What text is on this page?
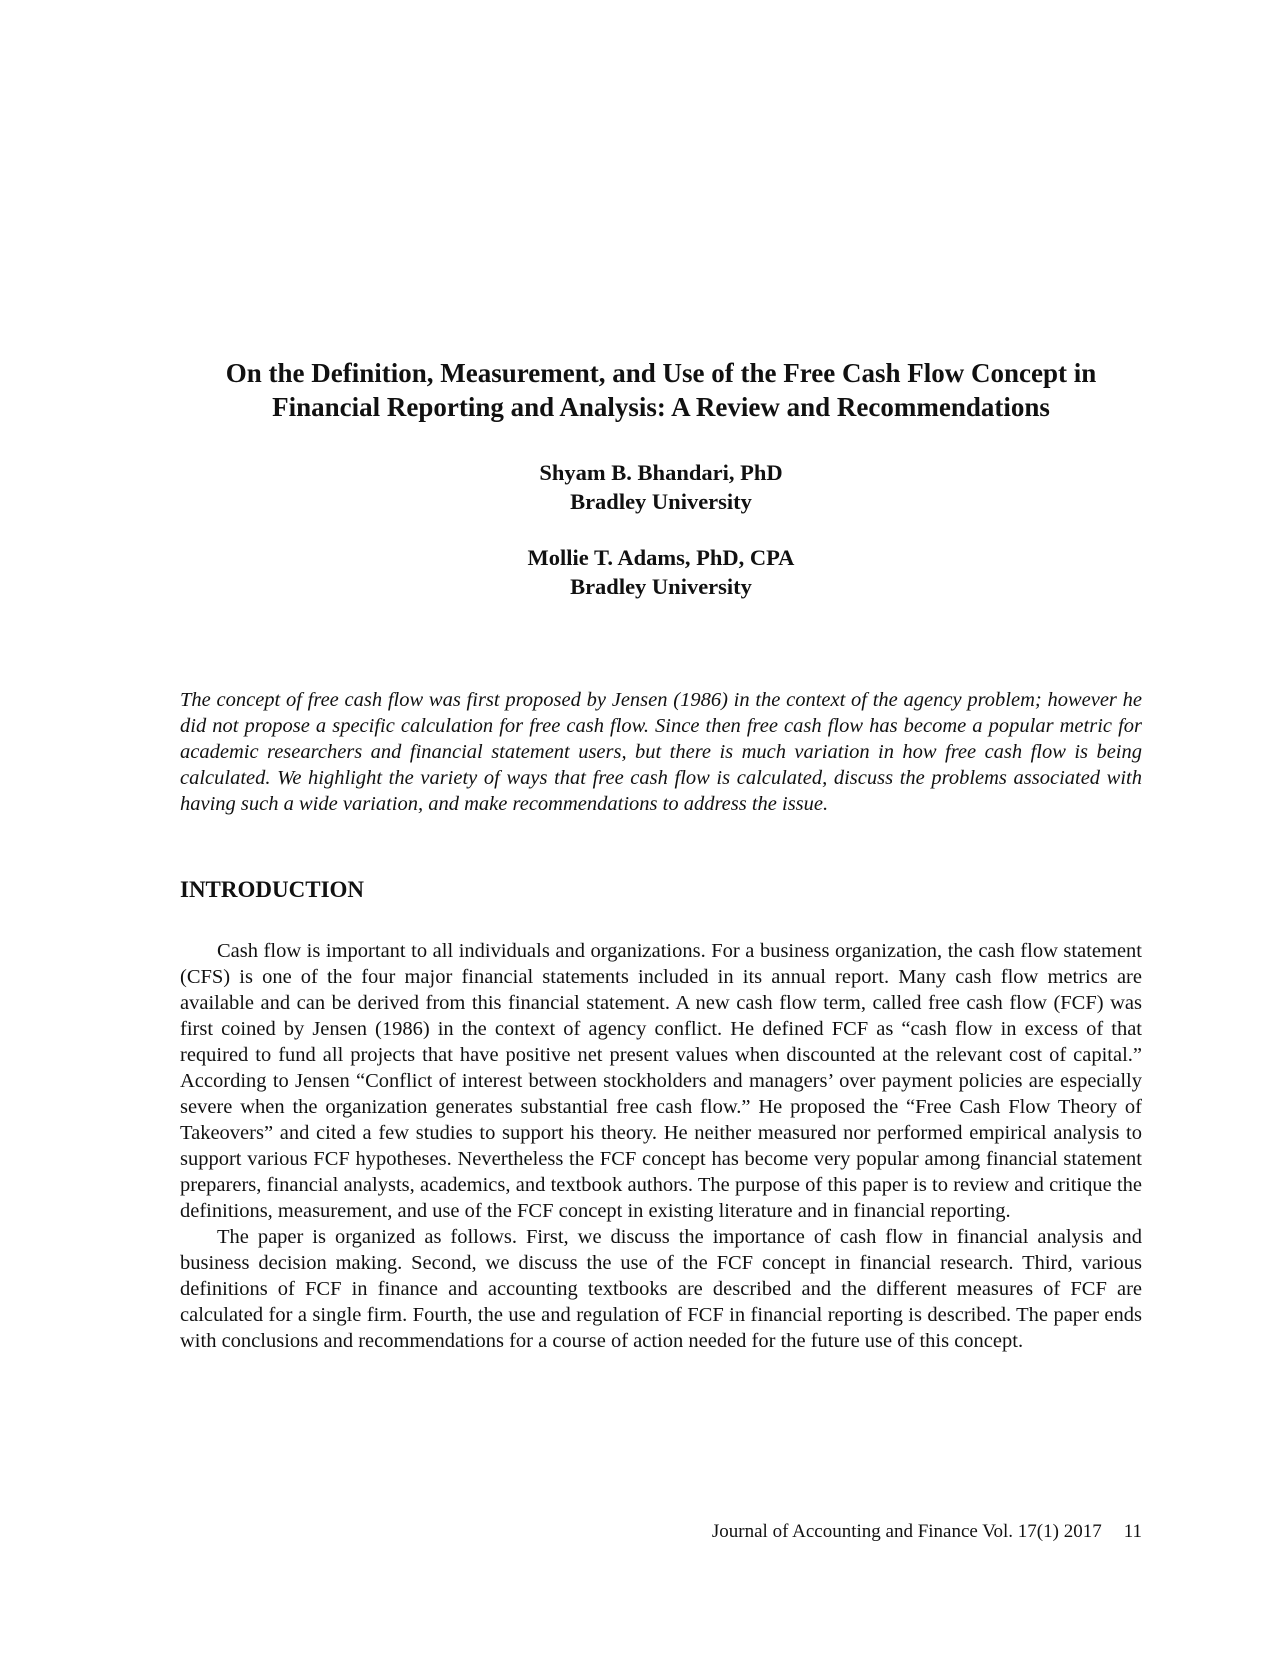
On the Definition, Measurement, and Use of the Free Cash Flow Concept in
Financial Reporting and Analysis: A Review and Recommendations
Shyam B. Bhandari, PhD
Bradley University
Mollie T. Adams, PhD, CPA
Bradley University

The concept of free cash flow was first proposed by Jensen (1986) in the context of the agency problem; however he did not propose a specific calculation for free cash flow. Since then free cash flow has become a popular metric for academic researchers and financial statement users, but there is much variation in how free cash flow is being calculated. We highlight the variety of ways that free cash flow is calculated, discuss the problems associated with having such a wide variation, and make recommendations to address the issue.

INTRODUCTION

Cash flow is important to all individuals and organizations. For a business organization, the cash flow statement (CFS) is one of the four major financial statements included in its annual report. Many cash flow metrics are available and can be derived from this financial statement. A new cash flow term, called free cash flow (FCF) was first coined by Jensen (1986) in the context of agency conflict. He defined FCF as “cash flow in excess of that required to fund all projects that have positive net present values when discounted at the relevant cost of capital.” According to Jensen “Conflict of interest between stockholders and managers’ over payment policies are especially severe when the organization generates substantial free cash flow.” He proposed the “Free Cash Flow Theory of Takeovers” and cited a few studies to support his theory. He neither measured nor performed empirical analysis to support various FCF hypotheses. Nevertheless the FCF concept has become very popular among financial statement preparers, financial analysts, academics, and textbook authors. The purpose of this paper is to review and critique the definitions, measurement, and use of the FCF concept in existing literature and in financial reporting.

The paper is organized as follows. First, we discuss the importance of cash flow in financial analysis and business decision making. Second, we discuss the use of the FCF concept in financial research. Third, various definitions of FCF in finance and accounting textbooks are described and the different measures of FCF are calculated for a single firm. Fourth, the use and regulation of FCF in financial reporting is described. The paper ends with conclusions and recommendations for a course of action needed for the future use of this concept.

Journal of Accounting and Finance Vol. 17(1) 2017 11
